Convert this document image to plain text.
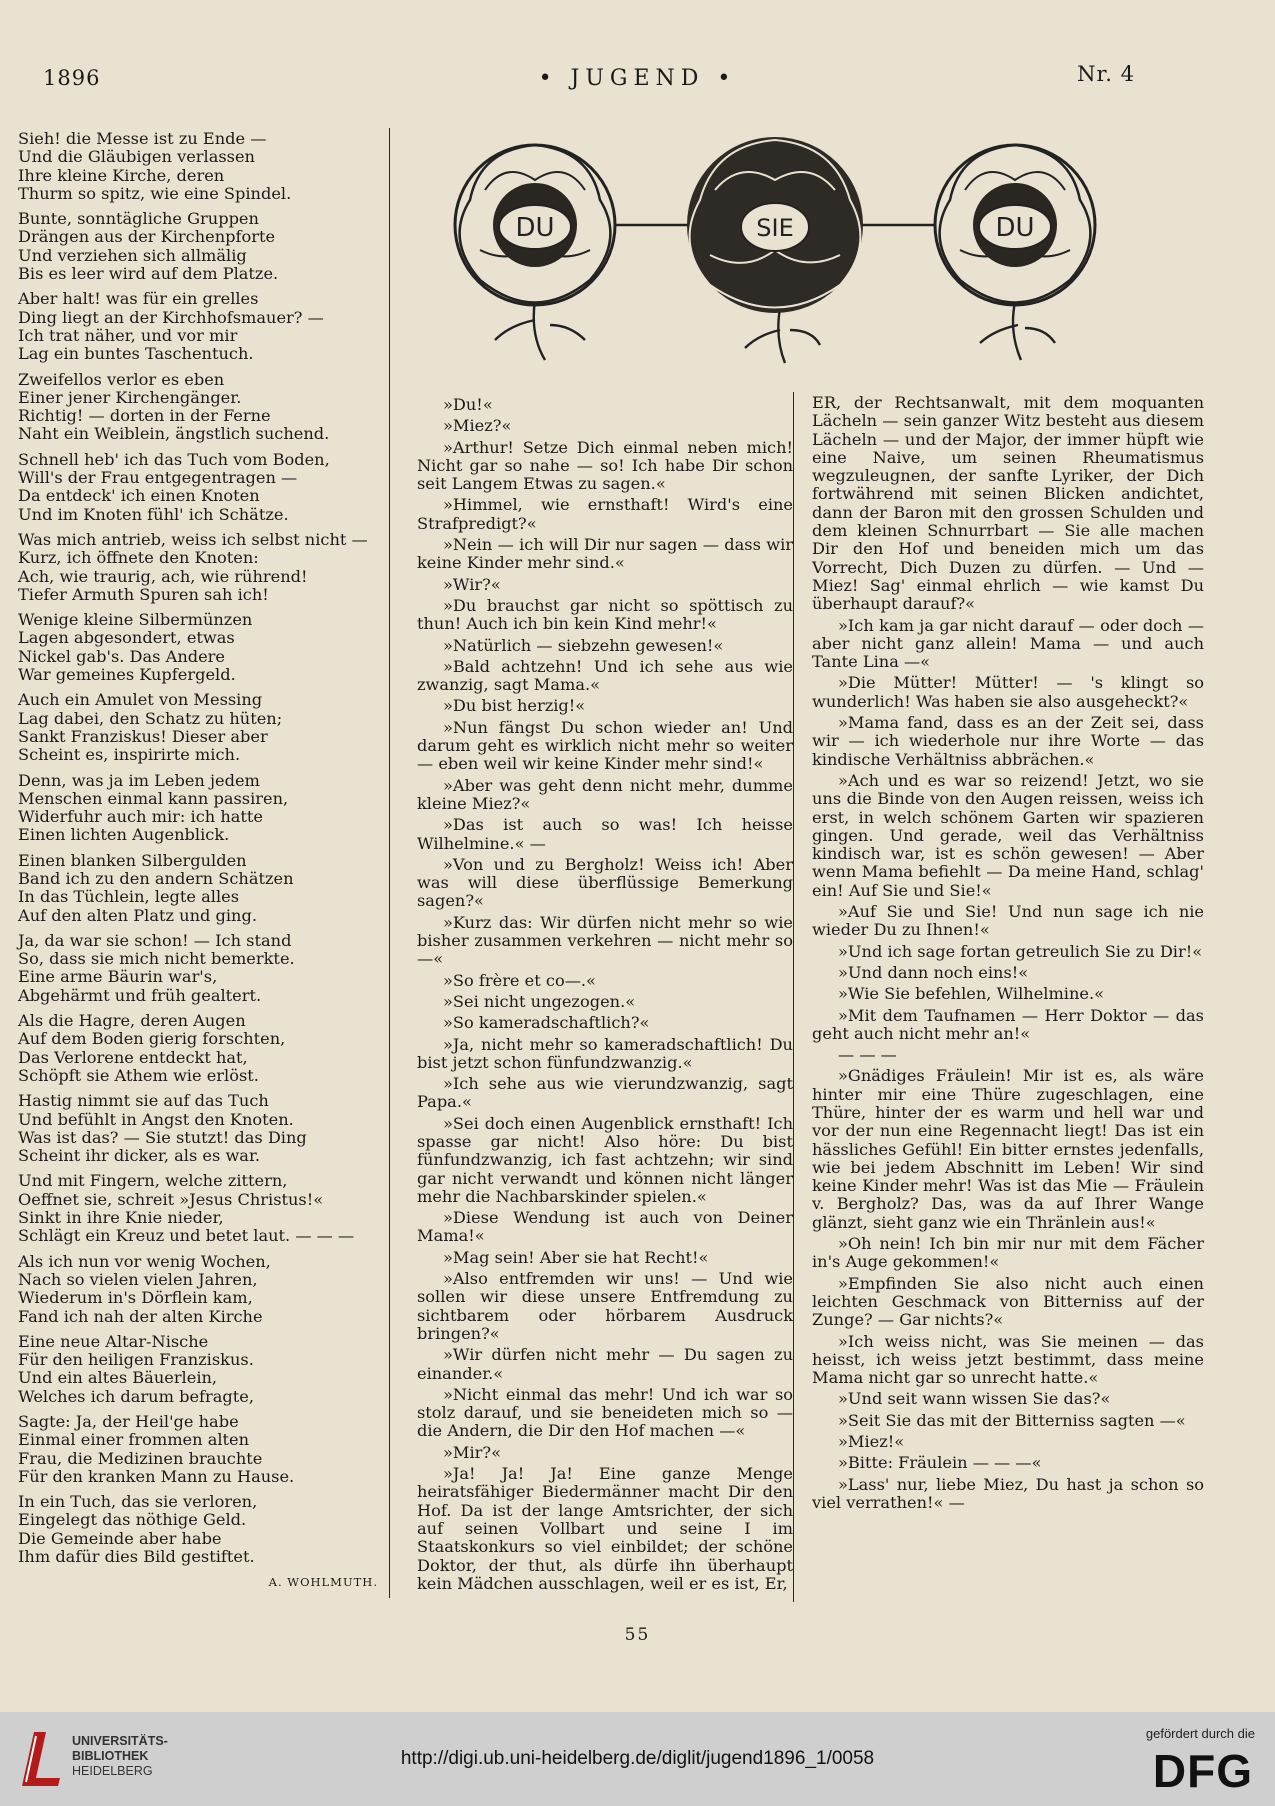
1896	• JUGEND •	Nr. 4
Sieh! die Messe ist zu Ende —
Und die Gläubigen verlassen
Ihre kleine Kirche, deren
Thurm so spitz, wie eine Spindel.
Bunte, sonntägliche Gruppen
Drängen aus der Kirchenpforte
Und verziehen sich allmälig
Bis es leer wird auf dem Platze.
Aber halt! was für ein grelles
Ding liegt an der Kirchhofsmauer? —
Ich trat näher, und vor mir
Lag ein buntes Taschentuch.
Zweifellos verlor es eben
Einer jener Kirchengänger.
Richtig! — dorten in der Ferne
Naht ein Weiblein, ängstlich suchend.
Schnell heb' ich das Tuch vom Boden,
Will's der Frau entgegentragen —
Da entdeck' ich einen Knoten
Und im Knoten fühl' ich Schätze.
Was mich antrieb, weiss ich selbst nicht —
Kurz, ich öffnete den Knoten:
Ach, wie traurig, ach, wie rührend!
Tiefer Armuth Spuren sah ich!
Wenige kleine Silbermünzen
Lagen abgesondert, etwas
Nickel gab's. Das Andere
War gemeines Kupfergeld.
Auch ein Amulet von Messing
Lag dabei, den Schatz zu hüten;
Sankt Franziskus! Dieser aber
Scheint es, inspirirte mich.
Denn, was ja im Leben jedem
Menschen einmal kann passiren,
Widerfuhr auch mir: ich hatte
Einen lichten Augenblick.
Einen blanken Silbergulden
Band ich zu den andern Schätzen
In das Tüchlein, legte alles
Auf den alten Platz und ging.
Ja, da war sie schon! — Ich stand
So, dass sie mich nicht bemerkte.
Eine arme Bäurin war's,
Abgehärmt und früh gealtert.
Als die Hagre, deren Augen
Auf dem Boden gierig forschten,
Das Verlorene entdeckt hat,
Schöpft sie Athem wie erlöst.
Hastig nimmt sie auf das Tuch
Und befühlt in Angst den Knoten.
Was ist das? — Sie stutzt! das Ding
Scheint ihr dicker, als es war.
Und mit Fingern, welche zittern,
Oeffnet sie, schreit »Jesus Christus!«
Sinkt in ihre Knie nieder,
Schlägt ein Kreuz und betet laut. — — —
Als ich nun vor wenig Wochen,
Nach so vielen vielen Jahren,
Wiederum in's Dörflein kam,
Fand ich nah der alten Kirche
Eine neue Altar-Nische
Für den heiligen Franziskus.
Und ein altes Bäuerlein,
Welches ich darum befragte,
Sagte: Ja, der Heil'ge habe
Einmal einer frommen alten
Frau, die Medizinen brauchte
Für den kranken Mann zu Hause.
In ein Tuch, das sie verloren,
Eingelegt das nöthige Geld.
Die Gemeinde aber habe
Ihm dafür dies Bild gestiftet.
A. WOHLMUTH.
DU	SIE	DU

»Du!«

»Miez?«

»Arthur! Setze Dich einmal neben mich! Nicht gar so nahe — so! Ich habe Dir schon seit Langem Etwas zu sagen.«

»Himmel, wie ernsthaft! Wird's eine Strafpredigt?«

»Nein — ich will Dir nur sagen — dass wir keine Kinder mehr sind.«

»Wir?«

»Du brauchst gar nicht so spöttisch zu thun! Auch ich bin kein Kind mehr!«

»Natürlich — siebzehn gewesen!«

»Bald achtzehn! Und ich sehe aus wie zwanzig, sagt Mama.«

»Du bist herzig!«

»Nun fängst Du schon wieder an! Und darum geht es wirklich nicht mehr so weiter — eben weil wir keine Kinder mehr sind!«

»Aber was geht denn nicht mehr, dumme kleine Miez?«

»Das ist auch so was! Ich heisse Wilhelmine.« —

»Von und zu Bergholz! Weiss ich! Aber was will diese überflüssige Bemerkung sagen?«

»Kurz das: Wir dürfen nicht mehr so wie bisher zusammen verkehren — nicht mehr so —«

»So frère et co—.«

»Sei nicht ungezogen.«

»So kameradschaftlich?«

»Ja, nicht mehr so kameradschaftlich! Du bist jetzt schon fünfundzwanzig.«

»Ich sehe aus wie vierundzwanzig, sagt Papa.«

»Sei doch einen Augenblick ernsthaft! Ich spasse gar nicht! Also höre: Du bist fünfundzwanzig, ich fast achtzehn; wir sind gar nicht verwandt und können nicht länger mehr die Nachbarskinder spielen.«

»Diese Wendung ist auch von Deiner Mama!«

»Mag sein! Aber sie hat Recht!«

»Also entfremden wir uns! — Und wie sollen wir diese unsere Entfremdung zu sichtbarem oder hörbarem Ausdruck bringen?«

»Wir dürfen nicht mehr — Du sagen zu einander.«

»Nicht einmal das mehr! Und ich war so stolz darauf, und sie beneideten mich so — die Andern, die Dir den Hof machen —«

»Mir?«

»Ja! Ja! Ja! Eine ganze Menge heiratsfähiger Biedermänner macht Dir den Hof. Da ist der lange Amtsrichter, der sich auf seinen Vollbart und seine I im Staatskonkurs so viel einbildet; der schöne Doktor, der thut, als dürfe ihn überhaupt kein Mädchen ausschlagen, weil er es ist, Er,

ER, der Rechtsanwalt, mit dem moquanten Lächeln — sein ganzer Witz besteht aus diesem Lächeln — und der Major, der immer hüpft wie eine Naive, um seinen Rheumatismus wegzuleugnen, der sanfte Lyriker, der Dich fortwährend mit seinen Blicken andichtet, dann der Baron mit den grossen Schulden und dem kleinen Schnurrbart — Sie alle machen Dir den Hof und beneiden mich um das Vorrecht, Dich Duzen zu dürfen. — Und — Miez! Sag' einmal ehrlich — wie kamst Du überhaupt darauf?«

»Ich kam ja gar nicht darauf — oder doch — aber nicht ganz allein! Mama — und auch Tante Lina —«

»Die Mütter! Mütter! — 's klingt so wunderlich! Was haben sie also ausgeheckt?«

»Mama fand, dass es an der Zeit sei, dass wir — ich wiederhole nur ihre Worte — das kindische Verhältniss abbrächen.«

»Ach und es war so reizend! Jetzt, wo sie uns die Binde von den Augen reissen, weiss ich erst, in welch schönem Garten wir spazieren gingen. Und gerade, weil das Verhältniss kindisch war, ist es schön gewesen! — Aber wenn Mama befiehlt — Da meine Hand, schlag' ein! Auf Sie und Sie!«

»Auf Sie und Sie! Und nun sage ich nie wieder Du zu Ihnen!«

»Und ich sage fortan getreulich Sie zu Dir!«

»Und dann noch eins!«

»Wie Sie befehlen, Wilhelmine.«

»Mit dem Taufnamen — Herr Doktor — das geht auch nicht mehr an!«

— — —

»Gnädiges Fräulein! Mir ist es, als wäre hinter mir eine Thüre zugeschlagen, eine Thüre, hinter der es warm und hell war und vor der nun eine Regennacht liegt! Das ist ein hässliches Gefühl! Ein bitter ernstes jedenfalls, wie bei jedem Abschnitt im Leben! Wir sind keine Kinder mehr! Was ist das Mie — Fräulein v. Bergholz? Das, was da auf Ihrer Wange glänzt, sieht ganz wie ein Thränlein aus!«

»Oh nein! Ich bin mir nur mit dem Fächer in's Auge gekommen!«

»Empfinden Sie also nicht auch einen leichten Geschmack von Bitterniss auf der Zunge? — Gar nichts?«

»Ich weiss nicht, was Sie meinen — das heisst, ich weiss jetzt bestimmt, dass meine Mama nicht gar so unrecht hatte.«

»Und seit wann wissen Sie das?«

»Seit Sie das mit der Bitterniss sagten —«

»Miez!«

»Bitte: Fräulein — — —«

»Lass' nur, liebe Miez, Du hast ja schon so viel verrathen!« —

55
UNIVERSITÄTS-
BIBLIOTHEK
HEIDELBERG
http://digi.ub.uni-heidelberg.de/diglit/jugend1896_1/0058
gefördert durch die
DFG
